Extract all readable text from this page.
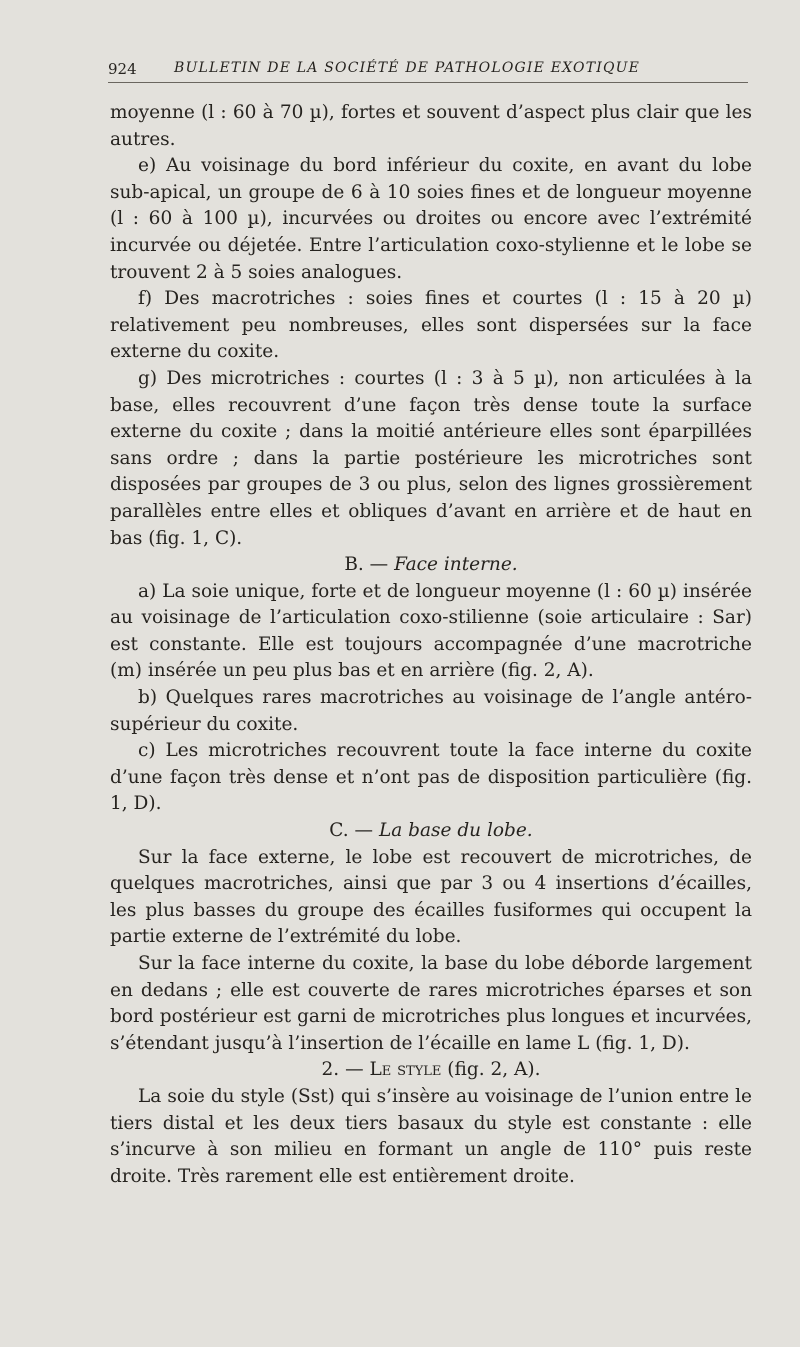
924	BULLETIN DE LA SOCIÉTÉ DE PATHOLOGIE EXOTIQUE

moyenne (l : 60 à 70 µ), fortes et souvent d’aspect plus clair que les autres.

e) Au voisinage du bord inférieur du coxite, en avant du lobe sub-apical, un groupe de 6 à 10 soies fines et de longueur moyenne (l : 60 à 100 µ), incurvées ou droites ou encore avec l’extrémité incurvée ou déjetée. Entre l’articulation coxo-stylienne et le lobe se trouvent 2 à 5 soies analogues.

f) Des macrotriches : soies fines et courtes (l : 15 à 20 µ) relativement peu nombreuses, elles sont dispersées sur la face externe du coxite.

g) Des microtriches : courtes (l : 3 à 5 µ), non articulées à la base, elles recouvrent d’une façon très dense toute la surface externe du coxite ; dans la moitié antérieure elles sont éparpillées sans ordre ; dans la partie postérieure les microtriches sont disposées par groupes de 3 ou plus, selon des lignes grossièrement parallèles entre elles et obliques d’avant en arrière et de haut en bas (fig. 1, C).

B. — Face interne.

a) La soie unique, forte et de longueur moyenne (l : 60 µ) insérée au voisinage de l’articulation coxo-stilienne (soie articulaire : Sar) est constante. Elle est toujours accompagnée d’une macrotriche (m) insérée un peu plus bas et en arrière (fig. 2, A).

b) Quelques rares macrotriches au voisinage de l’angle antéro-supérieur du coxite.

c) Les microtriches recouvrent toute la face interne du coxite d’une façon très dense et n’ont pas de disposition particulière (fig. 1, D).

C. — La base du lobe.

Sur la face externe, le lobe est recouvert de microtriches, de quelques macrotriches, ainsi que par 3 ou 4 insertions d’écailles, les plus basses du groupe des écailles fusiformes qui occupent la partie externe de l’extrémité du lobe.

Sur la face interne du coxite, la base du lobe déborde largement en dedans ; elle est couverte de rares microtriches éparses et son bord postérieur est garni de microtriches plus longues et incurvées, s’étendant jusqu’à l’insertion de l’écaille en lame L (fig. 1, D).

2. — Le style (fig. 2, A).

La soie du style (Sst) qui s’insère au voisinage de l’union entre le tiers distal et les deux tiers basaux du style est constante : elle s’incurve à son milieu en formant un angle de 110° puis reste droite. Très rarement elle est entièrement droite.
